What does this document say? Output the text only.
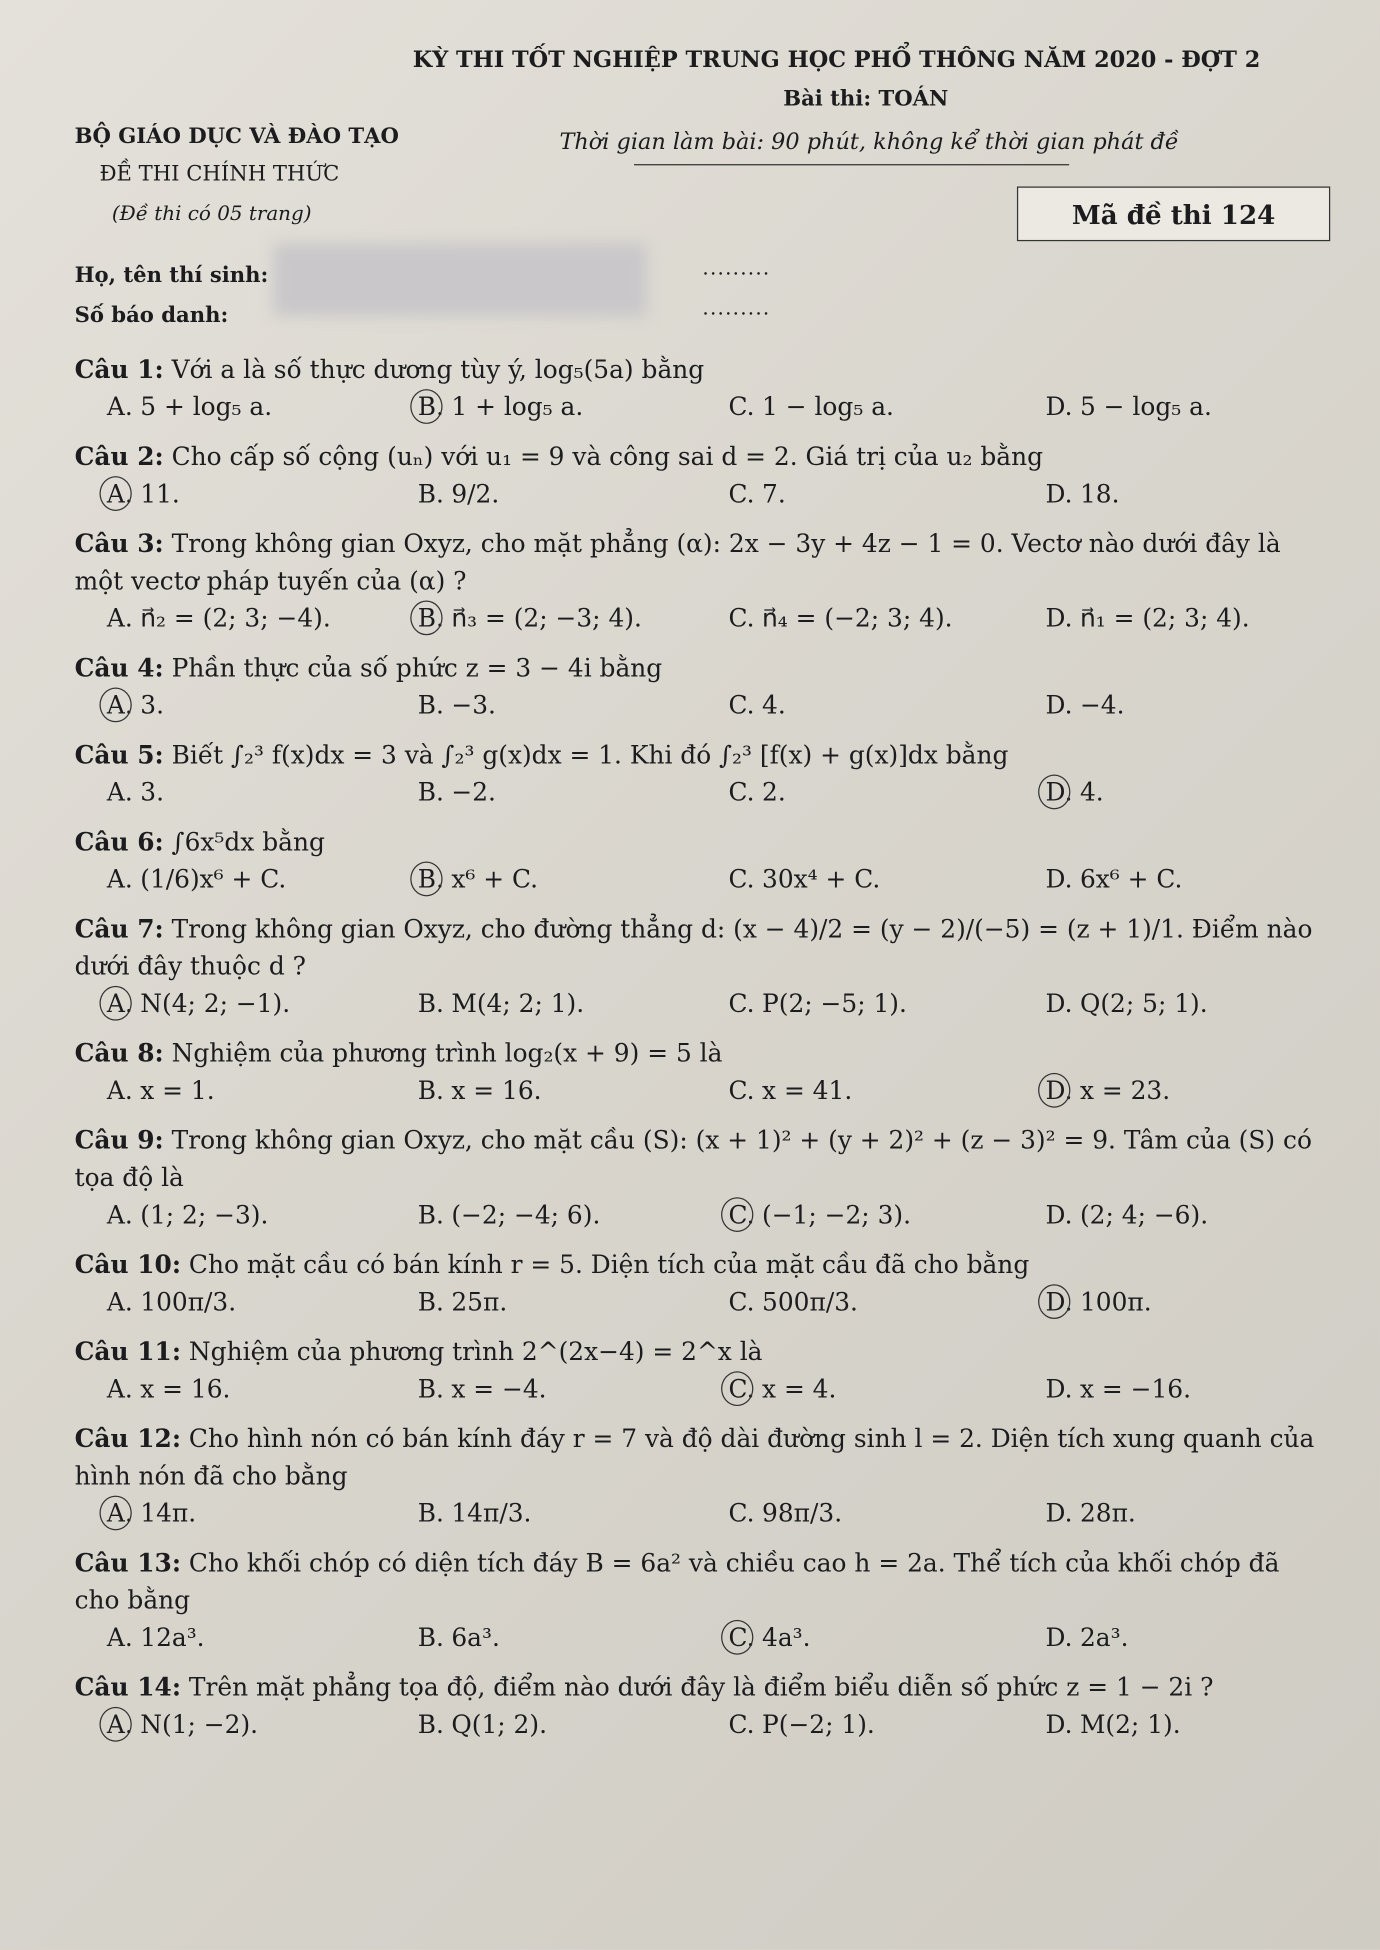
BỘ GIÁO DỤC VÀ ĐÀO TẠO
KỲ THI TỐT NGHIỆP TRUNG HỌC PHỔ THÔNG NĂM 2020 - ĐỢT 2
Bài thi: TOÁN
ĐỀ THI CHÍNH THỨC
Thời gian làm bài: 90 phút, không kể thời gian phát đề
(Đề thi có 05 trang)	Mã đề thi 124
Họ, tên thí sinh:
Số báo danh:
.........
.........
Câu 1: Với a là số thực dương tùy ý, log₅(5a) bằng
A. 5 + log₅ a.	B. 1 + log₅ a.	C. 1 − log₅ a.	D. 5 − log₅ a.
Câu 2: Cho cấp số cộng (uₙ) với u₁ = 9 và công sai d = 2. Giá trị của u₂ bằng
A. 11.	B. 9/2.	C. 7.	D. 18.
Câu 3: Trong không gian Oxyz, cho mặt phẳng (α): 2x − 3y + 4z − 1 = 0. Vectơ nào dưới đây là một vectơ pháp tuyến của (α) ?
A. n⃗₂ = (2; 3; −4).	B. n⃗₃ = (2; −3; 4).	C. n⃗₄ = (−2; 3; 4).	D. n⃗₁ = (2; 3; 4).
Câu 4: Phần thực của số phức z = 3 − 4i bằng
A. 3.	B. −3.	C. 4.	D. −4.
Câu 5: Biết ∫₂³ f(x)dx = 3 và ∫₂³ g(x)dx = 1. Khi đó ∫₂³ [f(x) + g(x)]dx bằng
A. 3.	B. −2.	C. 2.	D. 4.
Câu 6: ∫6x⁵dx bằng
A. (1/6)x⁶ + C.	B. x⁶ + C.	C. 30x⁴ + C.	D. 6x⁶ + C.
Câu 7: Trong không gian Oxyz, cho đường thẳng d: (x − 4)/2 = (y − 2)/(−5) = (z + 1)/1. Điểm nào dưới đây thuộc d ?
A. N(4; 2; −1).	B. M(4; 2; 1).	C. P(2; −5; 1).	D. Q(2; 5; 1).
Câu 8: Nghiệm của phương trình log₂(x + 9) = 5 là
A. x = 1.	B. x = 16.	C. x = 41.	D. x = 23.
Câu 9: Trong không gian Oxyz, cho mặt cầu (S): (x + 1)² + (y + 2)² + (z − 3)² = 9. Tâm của (S) có tọa độ là
A. (1; 2; −3).	B. (−2; −4; 6).	C. (−1; −2; 3).	D. (2; 4; −6).
Câu 10: Cho mặt cầu có bán kính r = 5. Diện tích của mặt cầu đã cho bằng
A. 100π/3.	B. 25π.	C. 500π/3.	D. 100π.
Câu 11: Nghiệm của phương trình 2^(2x−4) = 2^x là
A. x = 16.	B. x = −4.	C. x = 4.	D. x = −16.
Câu 12: Cho hình nón có bán kính đáy r = 7 và độ dài đường sinh l = 2. Diện tích xung quanh của hình nón đã cho bằng
A. 14π.	B. 14π/3.	C. 98π/3.	D. 28π.
Câu 13: Cho khối chóp có diện tích đáy B = 6a² và chiều cao h = 2a. Thể tích của khối chóp đã cho bằng
A. 12a³.	B. 6a³.	C. 4a³.	D. 2a³.
Câu 14: Trên mặt phẳng tọa độ, điểm nào dưới đây là điểm biểu diễn số phức z = 1 − 2i ?
A. N(1; −2).	B. Q(1; 2).	C. P(−2; 1).	D. M(2; 1).
